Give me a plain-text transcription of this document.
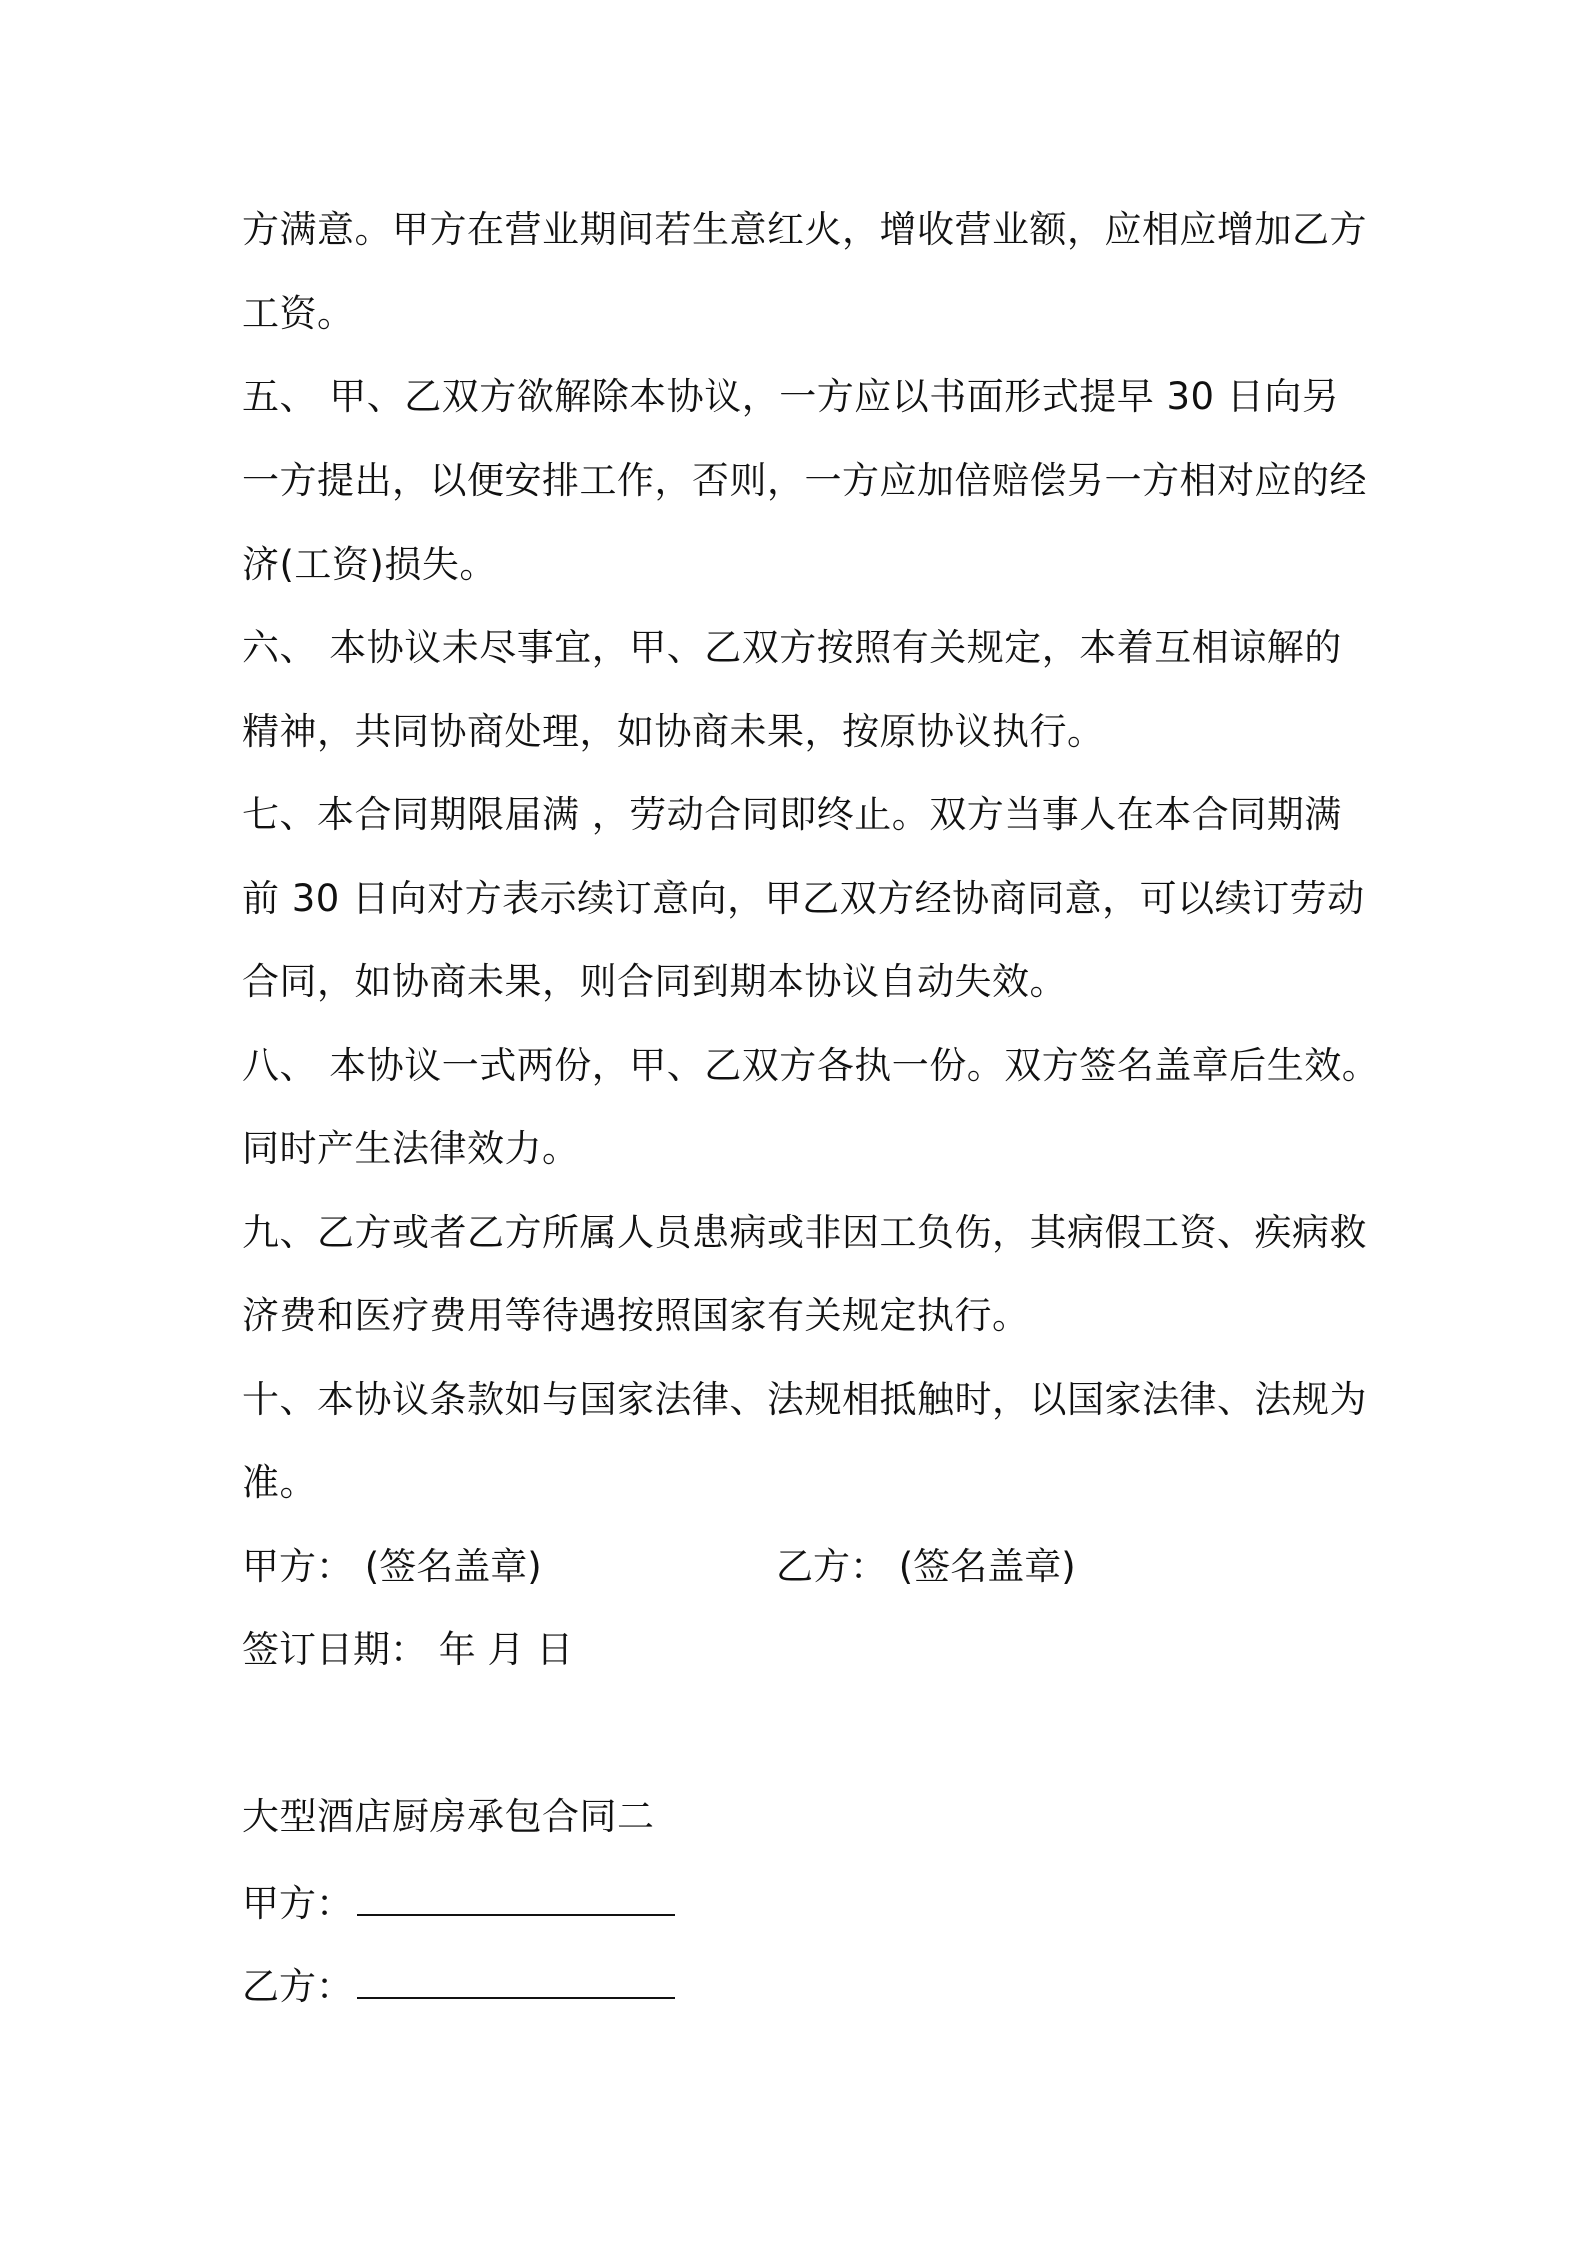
方满意。甲方在营业期间若生意红火，增收营业额，应相应增加乙方
工资。
五、 甲、乙双方欲解除本协议，一方应以书面形式提早 30 日向另
一方提出，以便安排工作，否则，一方应加倍赔偿另一方相对应的经
济(工资)损失。
六、 本协议未尽事宜，甲、乙双方按照有关规定，本着互相谅解的
精神，共同协商处理，如协商未果，按原协议执行。
七、本合同期限届满 ，劳动合同即终止。双方当事人在本合同期满
前 30 日向对方表示续订意向，甲乙双方经协商同意，可以续订劳动
合同，如协商未果，则合同到期本协议自动失效。
八、 本协议一式两份，甲、乙双方各执一份。双方签名盖章后生效。
同时产生法律效力。
九、乙方或者乙方所属人员患病或非因工负伤，其病假工资、疾病救
济费和医疗费用等待遇按照国家有关规定执行。
十、本协议条款如与国家法律、法规相抵触时，以国家法律、法规为
准。
甲方： (签名盖章)	乙方： (签名盖章)
签订日期： 年 月 日
大型酒店厨房承包合同二
甲方：
乙方：
